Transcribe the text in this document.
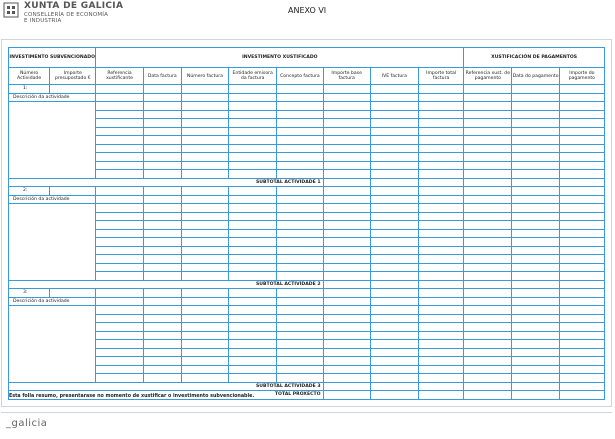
XUNTA DE GALICIA
CONSELLERÍA DE ECONOMÍA
E INDUSTRIA
ANEXO VI
INVESTIMENTO SUBVENCIONADO		INVESTIMENTO XUSTIFICADO								XUSTIFICACIÓN DE PAGAMENTOS		
Número Actividade	Importe presupostado €	Referencia xustificante	Data factura	Número factura	Entidade emisora da factura	Concepto factura	Importe base factura	IVE factura	Importe total factura	Referencia xust. de pagamento	Data do pagamento	Importe do pagamento
1:												
Descrición da actividade												

SUBTOTAL ACTIVIDADE 1												
2:												
Descrición da actividade												

SUBTOTAL ACTIVIDADE 2												
3:												
Descrición da actividade												

SUBTOTAL ACTIVIDADE 3												
TOTAL PROXECTO												
Esta folla resumo, presentarase no momento de xustificar o investimento subvencionable.
_galicia
